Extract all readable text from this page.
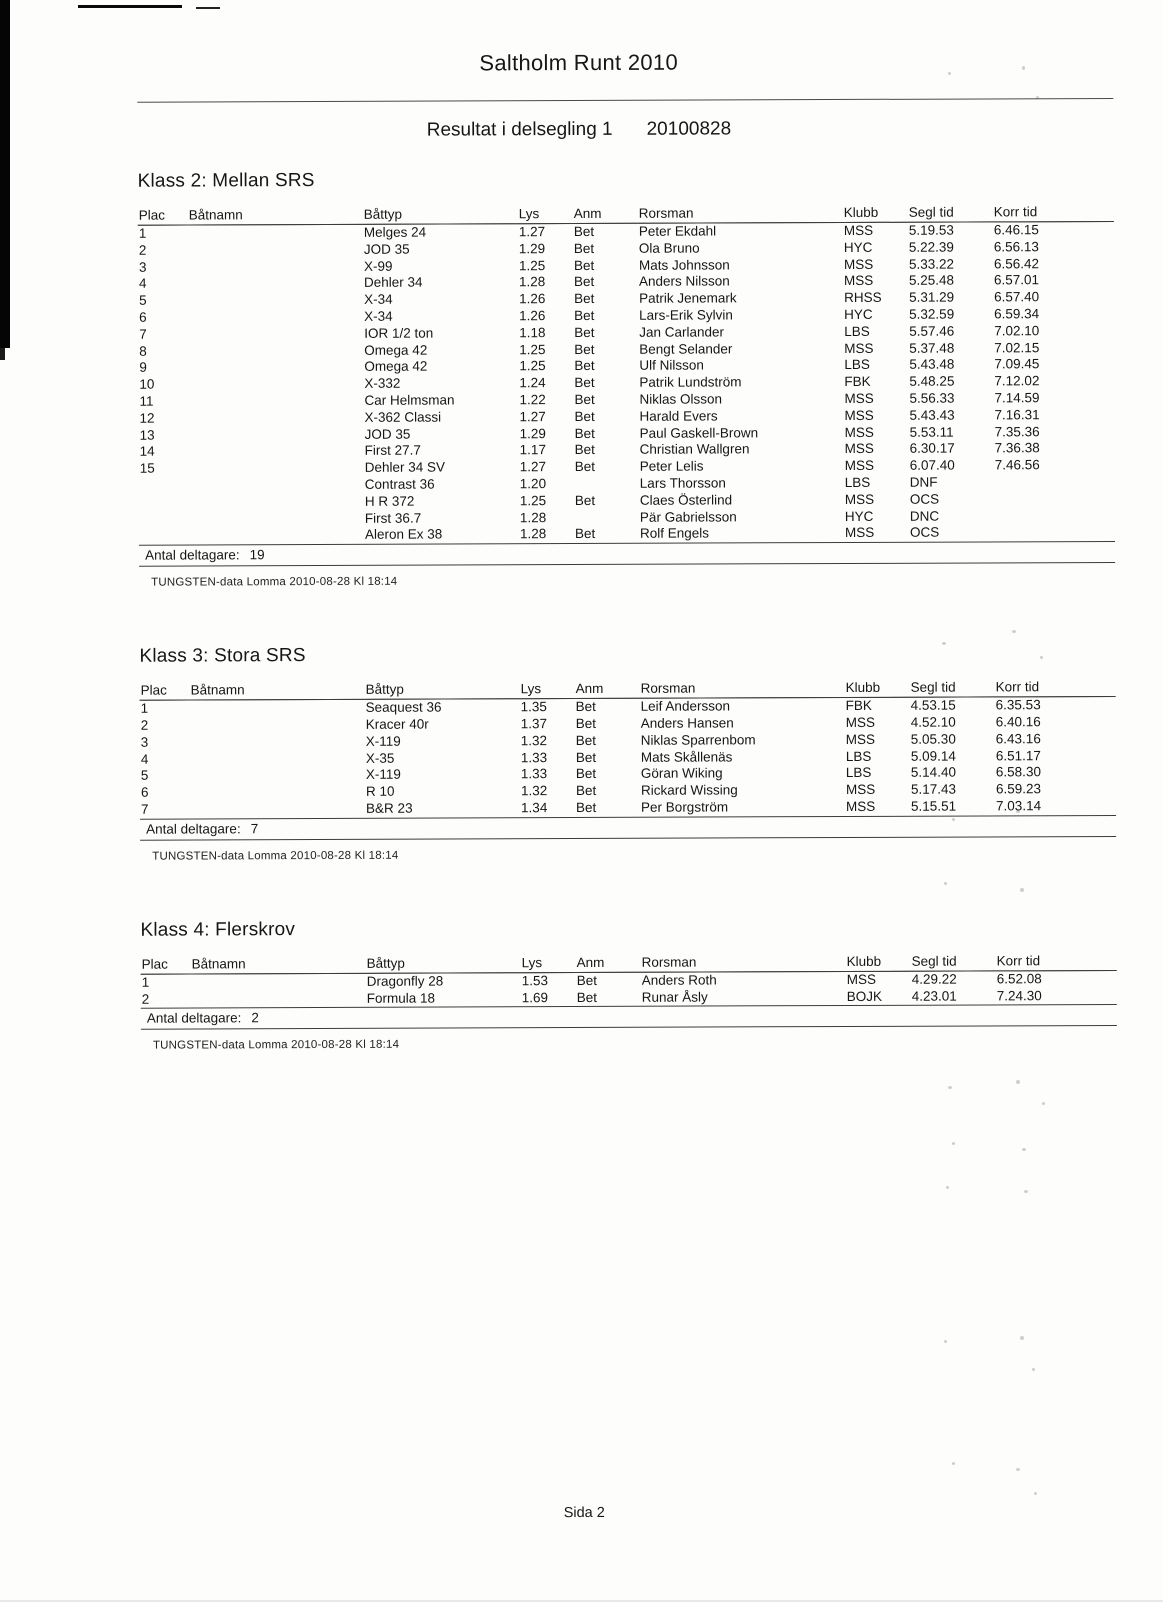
Saltholm Runt 2010
Resultat i delsegling 1 20100828
Klass 2: Mellan SRS
Plac	Båtnamn	Båttyp	Lys	Anm	Rorsman	Klubb	Segl tid	Korr tid
1		Melges 24	1.27	Bet	Peter Ekdahl	MSS	5.19.53	6.46.15
2		JOD 35	1.29	Bet	Ola Bruno	HYC	5.22.39	6.56.13
3		X-99	1.25	Bet	Mats Johnsson	MSS	5.33.22	6.56.42
4		Dehler 34	1.28	Bet	Anders Nilsson	MSS	5.25.48	6.57.01
5		X-34	1.26	Bet	Patrik Jenemark	RHSS	5.31.29	6.57.40
6		X-34	1.26	Bet	Lars-Erik Sylvin	HYC	5.32.59	6.59.34
7		IOR 1/2 ton	1.18	Bet	Jan Carlander	LBS	5.57.46	7.02.10
8		Omega 42	1.25	Bet	Bengt Selander	MSS	5.37.48	7.02.15
9		Omega 42	1.25	Bet	Ulf Nilsson	LBS	5.43.48	7.09.45
10		X-332	1.24	Bet	Patrik Lundström	FBK	5.48.25	7.12.02
11		Car Helmsman	1.22	Bet	Niklas Olsson	MSS	5.56.33	7.14.59
12		X-362 Classi	1.27	Bet	Harald Evers	MSS	5.43.43	7.16.31
13		JOD 35	1.29	Bet	Paul Gaskell-Brown	MSS	5.53.11	7.35.36
14		First 27.7	1.17	Bet	Christian Wallgren	MSS	6.30.17	7.36.38
15		Dehler 34 SV	1.27	Bet	Peter Lelis	MSS	6.07.40	7.46.56
		Contrast 36	1.20		Lars Thorsson	LBS	DNF	
		H R 372	1.25	Bet	Claes Österlind	MSS	OCS	
		First 36.7	1.28		Pär Gabrielsson	HYC	DNC	
		Aleron Ex 38	1.28	Bet	Rolf Engels	MSS	OCS	
Antal deltagare: 19
TUNGSTEN-data Lomma 2010-08-28 Kl 18:14
Klass 3: Stora SRS
Plac	Båtnamn	Båttyp	Lys	Anm	Rorsman	Klubb	Segl tid	Korr tid
1		Seaquest 36	1.35	Bet	Leif Andersson	FBK	4.53.15	6.35.53
2		Kracer 40r	1.37	Bet	Anders Hansen	MSS	4.52.10	6.40.16
3		X-119	1.32	Bet	Niklas Sparrenbom	MSS	5.05.30	6.43.16
4		X-35	1.33	Bet	Mats Skållenäs	LBS	5.09.14	6.51.17
5		X-119	1.33	Bet	Göran Wiking	LBS	5.14.40	6.58.30
6		R 10	1.32	Bet	Rickard Wissing	MSS	5.17.43	6.59.23
7		B&R 23	1.34	Bet	Per Borgström	MSS	5.15.51	7.03.14
Antal deltagare: 7
TUNGSTEN-data Lomma 2010-08-28 Kl 18:14
Klass 4: Flerskrov
Plac	Båtnamn	Båttyp	Lys	Anm	Rorsman	Klubb	Segl tid	Korr tid
1		Dragonfly 28	1.53	Bet	Anders Roth	MSS	4.29.22	6.52.08
2		Formula 18	1.69	Bet	Runar Åsly	BOJK	4.23.01	7.24.30
Antal deltagare: 2
TUNGSTEN-data Lomma 2010-08-28 Kl 18:14
Sida 2
